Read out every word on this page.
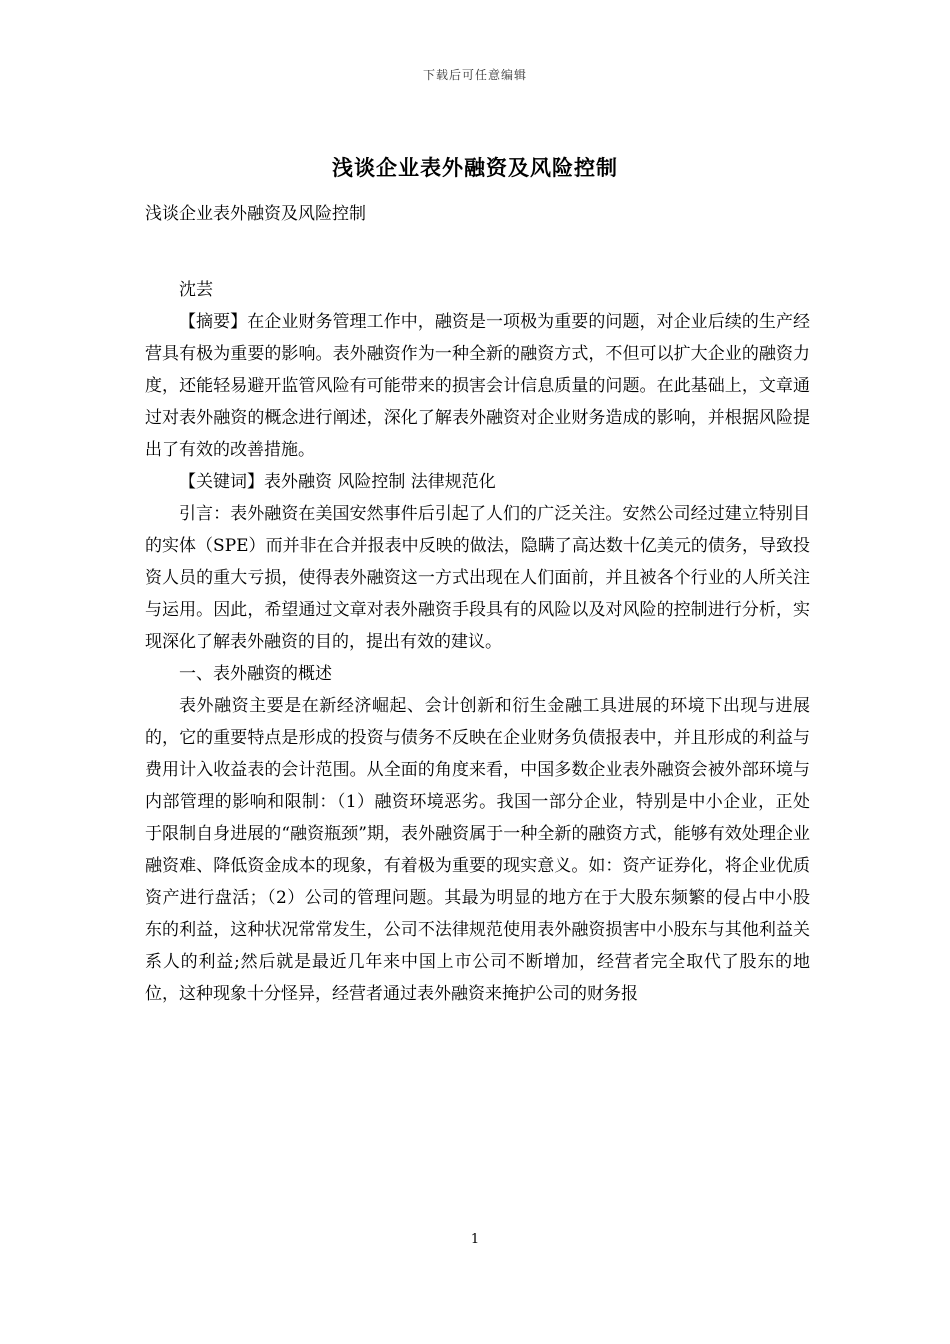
下载后可任意编辑
浅谈企业表外融资及风险控制

浅谈企业表外融资及风险控制

沈芸

【摘要】在企业财务管理工作中，融资是一项极为重要的问题，对企业后续的生产经营具有极为重要的影响。表外融资作为一种全新的融资方式，不但可以扩大企业的融资力度，还能轻易避开监管风险有可能带来的损害会计信息质量的问题。在此基础上，文章通过对表外融资的概念进行阐述，深化了解表外融资对企业财务造成的影响，并根据风险提出了有效的改善措施。

【关键词】表外融资 风险控制 法律规范化

引言：表外融资在美国安然事件后引起了人们的广泛关注。安然公司经过建立特别目的实体（SPE）而并非在合并报表中反映的做法，隐瞒了高达数十亿美元的债务，导致投资人员的重大亏损，使得表外融资这一方式出现在人们面前，并且被各个行业的人所关注与运用。因此，希望通过文章对表外融资手段具有的风险以及对风险的控制进行分析，实现深化了解表外融资的目的，提出有效的建议。

一、表外融资的概述

表外融资主要是在新经济崛起、会计创新和衍生金融工具进展的环境下出现与进展的，它的重要特点是形成的投资与债务不反映在企业财务负债报表中，并且形成的利益与费用计入收益表的会计范围。从全面的角度来看，中国多数企业表外融资会被外部环境与内部管理的影响和限制：（1）融资环境恶劣。我国一部分企业，特别是中小企业，正处于限制自身进展的“融资瓶颈”期，表外融资属于一种全新的融资方式，能够有效处理企业融资难、降低资金成本的现象，有着极为重要的现实意义。如：资产证券化，将企业优质资产进行盘活；（2）公司的管理问题。其最为明显的地方在于大股东频繁的侵占中小股东的利益，这种状况常常发生，公司不法律规范使用表外融资损害中小股东与其他利益关系人的利益;然后就是最近几年来中国上市公司不断增加，经营者完全取代了股东的地位，这种现象十分怪异，经营者通过表外融资来掩护公司的财务报

1
